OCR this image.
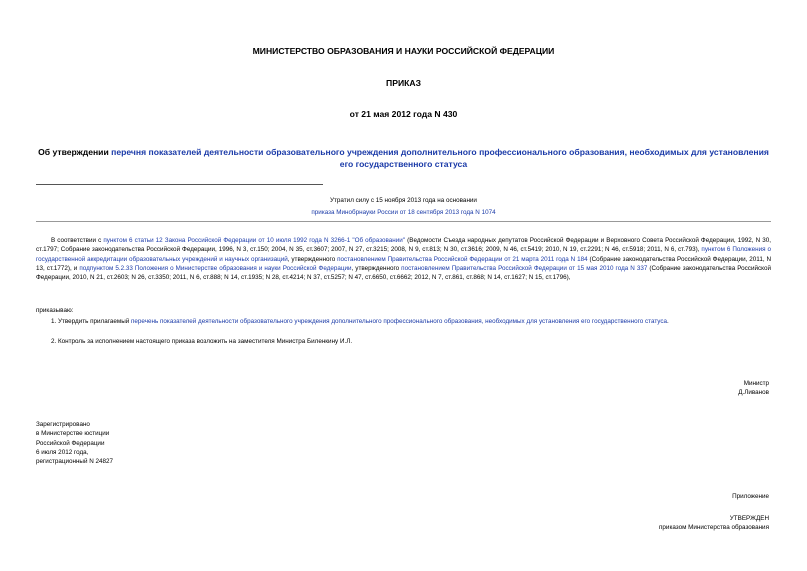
МИНИСТЕРСТВО ОБРАЗОВАНИЯ И НАУКИ РОССИЙСКОЙ ФЕДЕРАЦИИ
ПРИКАЗ
от 21 мая 2012 года N 430
Об утверждении перечня показателей деятельности образовательного учреждения дополнительного профессионального образования, необходимых для установления его государственного статуса
Утратил силу с 15 ноября 2013 года на основании
приказа Минобрнауки России от 18 сентября 2013 года N 1074
В соответствии с пунктом 6 статьи 12 Закона Российской Федерации от 10 июля 1992 года N 3266-1 "Об образовании" (Ведомости Съезда народных депутатов Российской Федерации и Верховного Совета Российской Федерации, 1992, N 30, ст.1797; Собрание законодательства Российской Федерации, 1996, N 3, ст.150; 2004, N 35, ст.3607; 2007, N 27, ст.3215; 2008, N 9, ст.813; N 30, ст.3616; 2009, N 46, ст.5419; 2010, N 19, ст.2291; N 46, ст.5918; 2011, N 6, ст.793), пунктом 6 Положения о государственной аккредитации образовательных учреждений и научных организаций, утвержденного постановлением Правительства Российской Федерации от 21 марта 2011 года N 184 (Собрание законодательства Российской Федерации, 2011, N 13, ст.1772), и подпунктом 5.2.33 Положения о Министерстве образования и науки Российской Федерации, утвержденного постановлением Правительства Российской Федерации от 15 мая 2010 года N 337 (Собрание законодательства Российской Федерации, 2010, N 21, ст.2603; N 26, ст.3350; 2011, N 6, ст.888; N 14, ст.1935; N 28, ст.4214; N 37, ст.5257; N 47, ст.6650, ст.6662; 2012, N 7, ст.861, ст.868; N 14, ст.1627; N 15, ст.1796),
приказываю:
1. Утвердить прилагаемый перечень показателей деятельности образовательного учреждения дополнительного профессионального образования, необходимых для установления его государственного статуса.
2. Контроль за исполнением настоящего приказа возложить на заместителя Министра Биленкину И.Л.
Министр
Д.Ливанов
Зарегистрировано
в Министерстве юстиции
Российской Федерации
6 июля 2012 года,
регистрационный N 24827
Приложение
УТВЕРЖДЕН
приказом Министерства образования
